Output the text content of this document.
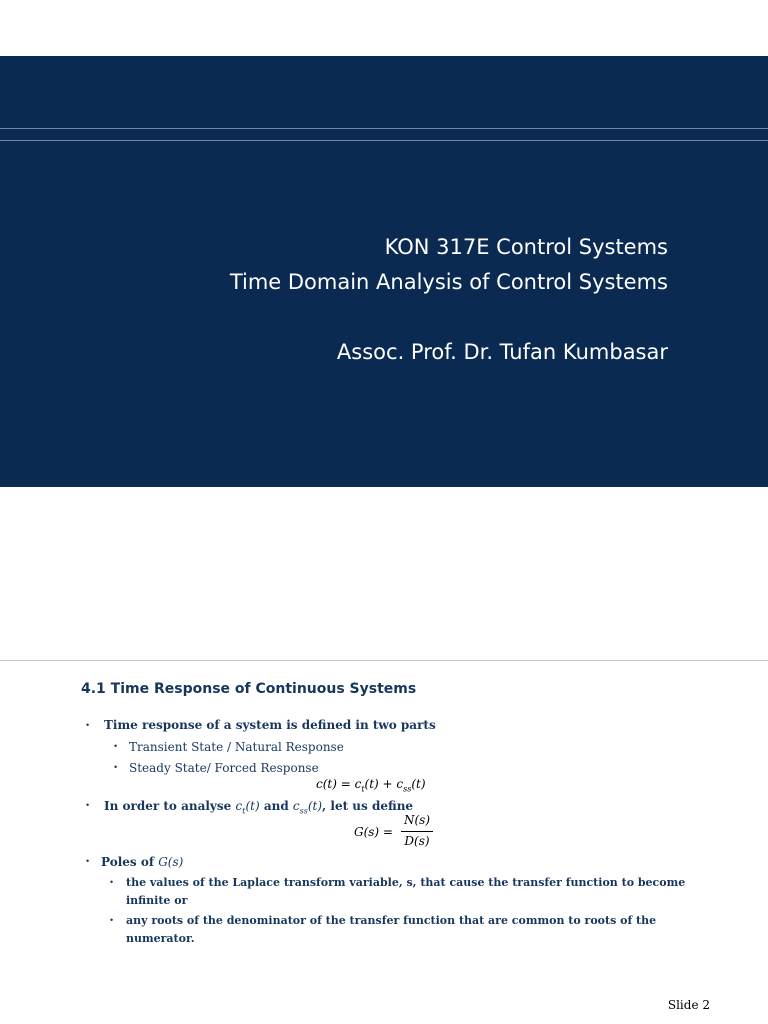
KON 317E Control Systems
Time Domain Analysis of Control Systems
Assoc. Prof. Dr. Tufan Kumbasar
4.1 Time Response of Continuous Systems
• Time response of a system is defined in two parts
• Transient State / Natural Response
• Steady State/ Forced Response
$c(t) = c_t(t) + c_{ss}(t)$
• In order to analyse $c_t(t)$ and $c_{ss}(t)$, let us define
G(s) =
N(s)
D(s)
• Poles of G(s)
• the values of the Laplace transform variable, s, that cause the transfer function to become infinite or
• any roots of the denominator of the transfer function that are common to roots of the numerator.
Slide 2
